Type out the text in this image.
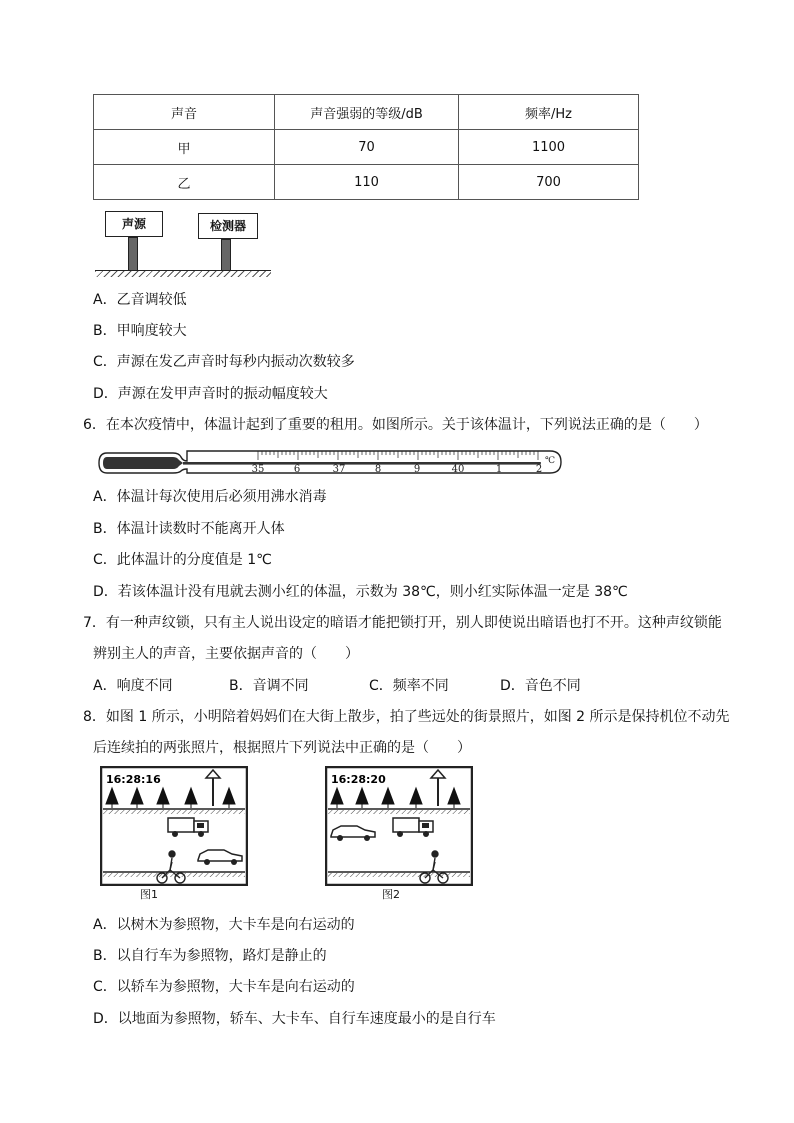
声音	声音强弱的等级/dB	频率/Hz
甲	70	1100
乙	110	700
声源	检测器
A．乙音调较低
B．甲响度较大
C．声源在发乙声音时每秒内振动次数较多
D．声源在发甲声音时的振动幅度较大
6．在本次疫情中，体温计起到了重要的租用。如图所示。关于该体温计，下列说法正确的是（　　）
35	6	37	8	9	40	1	2
℃
A．体温计每次使用后必须用沸水消毒
B．体温计读数时不能离开人体
C．此体温计的分度值是 1℃
D．若该体温计没有甩就去测小红的体温，示数为 38℃，则小红实际体温一定是 38℃
7．有一种声纹锁，只有主人说出设定的暗语才能把锁打开，别人即使说出暗语也打不开。这种声纹锁能
辨别主人的声音，主要依据声音的（　　）
A．响度不同	B．音调不同	C．频率不同	D．音色不同
8．如图 1 所示，小明陪着妈妈们在大街上散步，拍了些远处的街景照片，如图 2 所示是保持机位不动先
后连续拍的两张照片，根据照片下列说法中正确的是（　　）
16:28:16
图1
16:28:20
图2
A．以树木为参照物，大卡车是向右运动的
B．以自行车为参照物，路灯是静止的
C．以轿车为参照物，大卡车是向右运动的
D．以地面为参照物，轿车、大卡车、自行车速度最小的是自行车
